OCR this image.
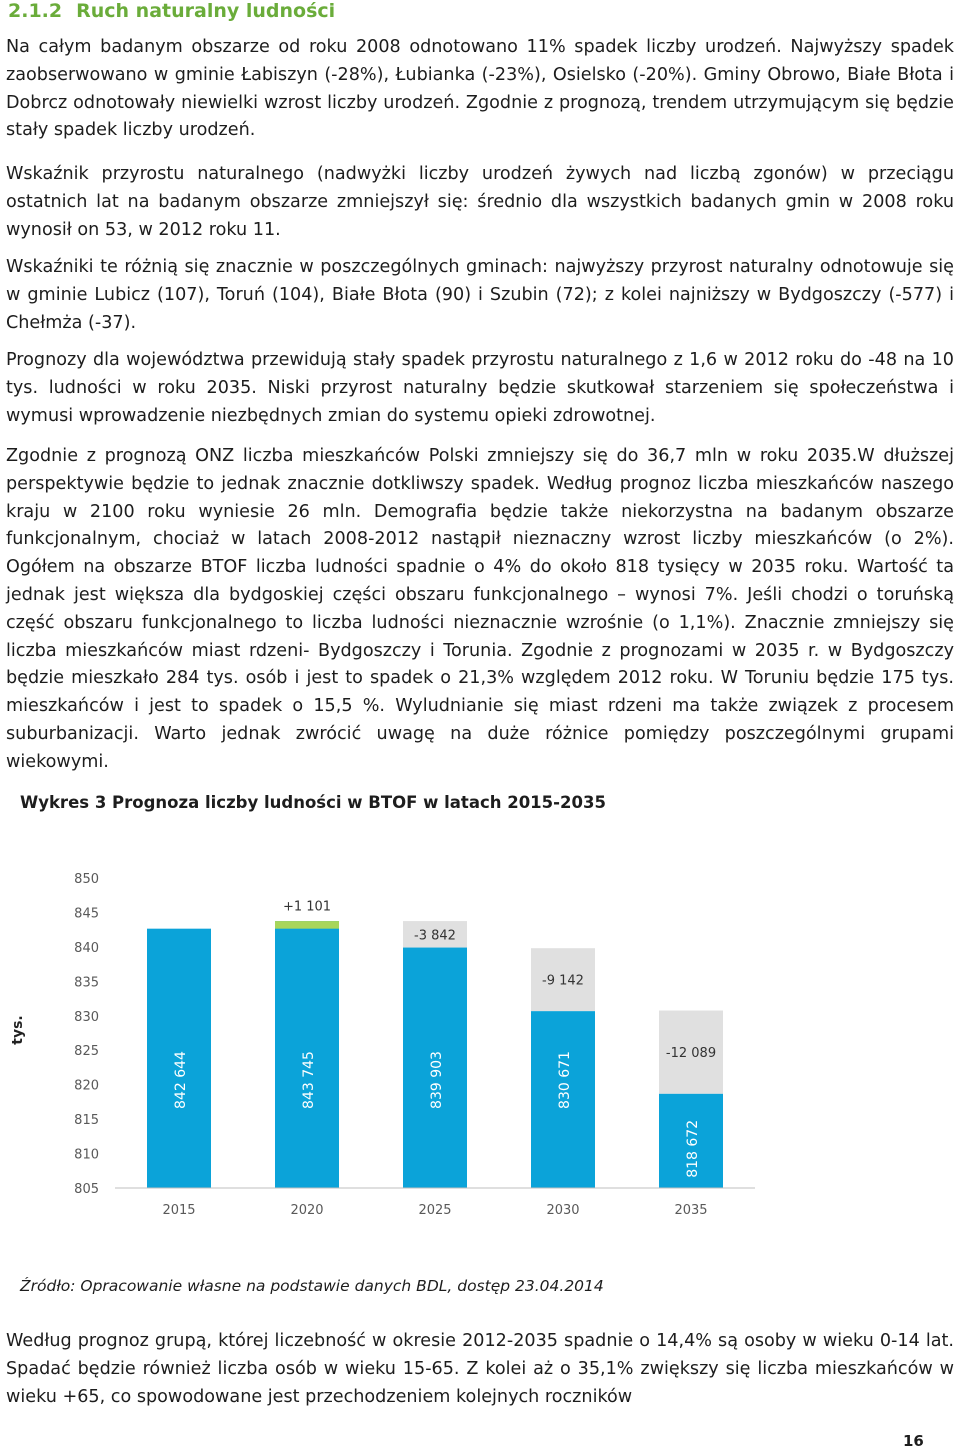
2.1.2 Ruch naturalny ludności

Na całym badanym obszarze od roku 2008 odnotowano 11% spadek liczby urodzeń. Najwyższy spadek zaobserwowano w gminie Łabiszyn (-28%), Łubianka (-23%), Osielsko (-20%). Gminy Obrowo, Białe Błota i Dobrcz odnotowały niewielki wzrost liczby urodzeń. Zgodnie z prognozą, trendem utrzymującym się będzie stały spadek liczby urodzeń.

Wskaźnik przyrostu naturalnego (nadwyżki liczby urodzeń żywych nad liczbą zgonów) w przeciągu ostatnich lat na badanym obszarze zmniejszył się: średnio dla wszystkich badanych gmin w 2008 roku wynosił on 53, w 2012 roku 11.

Wskaźniki te różnią się znacznie w poszczególnych gminach: najwyższy przyrost naturalny odnotowuje się w gminie Lubicz (107), Toruń (104), Białe Błota (90) i Szubin (72); z kolei najniższy w Bydgoszczy (-577) i Chełmża (-37).

Prognozy dla województwa przewidują stały spadek przyrostu naturalnego z 1,6 w 2012 roku do -48 na 10 tys. ludności w roku 2035. Niski przyrost naturalny będzie skutkował starzeniem się społeczeństwa i wymusi wprowadzenie niezbędnych zmian do systemu opieki zdrowotnej.

Zgodnie z prognozą ONZ liczba mieszkańców Polski zmniejszy się do 36,7 mln w roku 2035.W dłuższej perspektywie będzie to jednak znacznie dotkliwszy spadek. Według prognoz liczba mieszkańców naszego kraju w 2100 roku wyniesie 26 mln. Demografia będzie także niekorzystna na badanym obszarze funkcjonalnym, chociaż w latach 2008-2012 nastąpił nieznaczny wzrost liczby mieszkańców (o 2%). Ogółem na obszarze BTOF liczba ludności spadnie o 4% do około 818 tysięcy w 2035 roku. Wartość ta jednak jest większa dla bydgoskiej części obszaru funkcjonalnego – wynosi 7%. Jeśli chodzi o toruńską część obszaru funkcjonalnego to liczba ludności nieznacznie wzrośnie (o 1,1%). Znacznie zmniejszy się liczba mieszkańców miast rdzeni- Bydgoszczy i Torunia. Zgodnie z prognozami w 2035 r. w Bydgoszczy będzie mieszkało 284 tys. osób i jest to spadek o 21,3% względem 2012 roku. W Toruniu będzie 175 tys. mieszkańców i jest to spadek o 15,5 %. Wyludnianie się miast rdzeni ma także związek z procesem suburbanizacji. Warto jednak zwrócić uwagę na duże różnice pomiędzy poszczególnymi grupami wiekowymi.

Wykres 3 Prognoza liczby ludności w BTOF w latach 2015-2035
805
810
815
820
825
830
835
840
845
850
842 644	843 745
+1 101
839 903
-3 842
830 671
-9 142
818 672
-12 089
2015	2020	2025	2030	2035
tys.
Źródło: Opracowanie własne na podstawie danych BDL, dostęp 23.04.2014

Według prognoz grupą, której liczebność w okresie 2012-2035 spadnie o 14,4% są osoby w wieku 0-14 lat. Spadać będzie również liczba osób w wieku 15-65. Z kolei aż o 35,1% zwiększy się liczba mieszkańców w wieku +65, co spowodowane jest przechodzeniem kolejnych roczników

16
